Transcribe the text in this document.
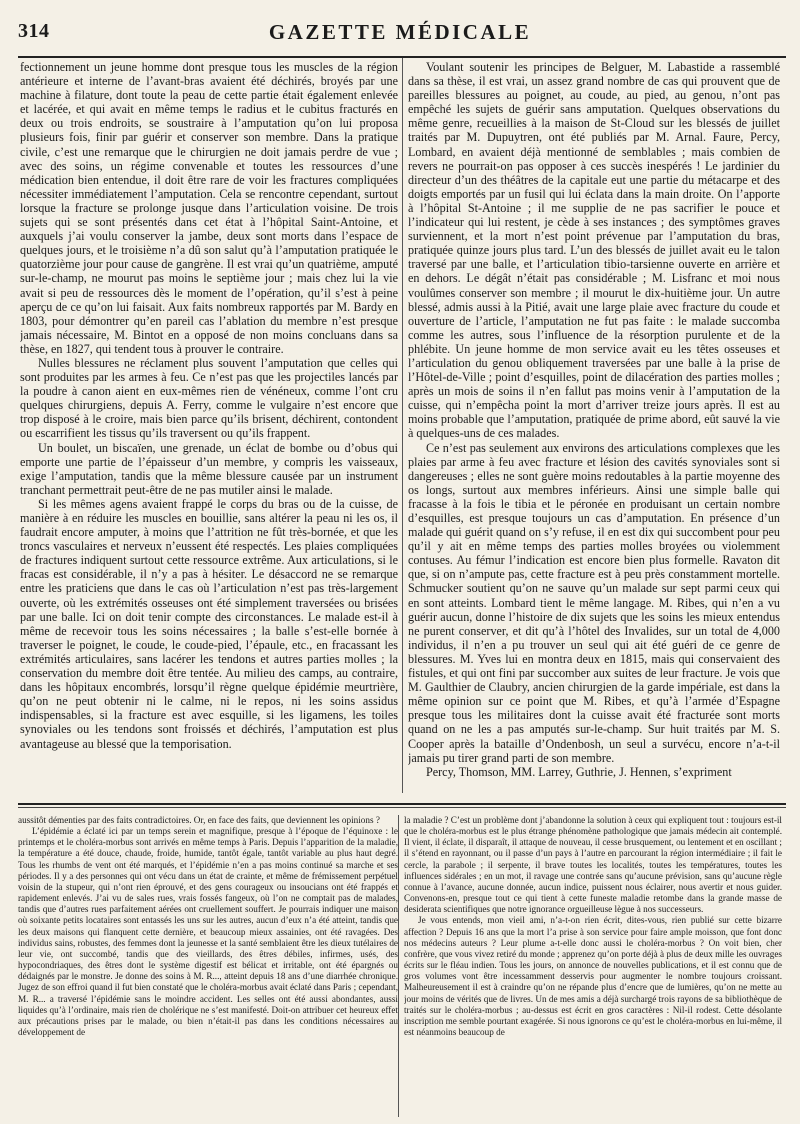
314	GAZETTE MÉDICALE

fectionnement un jeune homme dont presque tous les muscles de la région antérieure et interne de l’avant-bras avaient été déchirés, broyés par une machine à filature, dont toute la peau de cette partie était également enlevée et lacérée, et qui avait en même temps le radius et le cubitus fracturés en deux ou trois endroits, se soustraire à l’amputation qu’on lui proposa plusieurs fois, finir par guérir et conserver son membre. Dans la pratique civile, c’est une remarque que le chirurgien ne doit jamais perdre de vue ; avec des soins, un régime convenable et toutes les ressources d’une médication bien entendue, il doit être rare de voir les fractures compliquées nécessiter immédiatement l’amputation. Cela se rencontre cependant, surtout lorsque la fracture se prolonge jusque dans l’articulation voisine. De trois sujets qui se sont présentés dans cet état à l’hôpital Saint-Antoine, et auxquels j’ai voulu conserver la jambe, deux sont morts dans l’espace de quelques jours, et le troisième n’a dû son salut qu’à l’amputation pratiquée le quatorzième jour pour cause de gangrène. Il est vrai qu’un quatrième, amputé sur-le-champ, ne mourut pas moins le septième jour ; mais chez lui la vie avait si peu de ressources dès le moment de l’opération, qu’il s’est à peine aperçu de ce qu’on lui faisait. Aux faits nombreux rapportés par M. Bardy en 1803, pour démontrer qu’en pareil cas l’ablation du membre n’est presque jamais nécessaire, M. Bintot en a opposé de non moins concluans dans sa thèse, en 1827, qui tendent tous à prouver le contraire.

Nulles blessures ne réclament plus souvent l’amputation que celles qui sont produites par les armes à feu. Ce n’est pas que les projectiles lancés par la poudre à canon aient en eux-mêmes rien de vénéneux, comme l’ont cru quelques chirurgiens, depuis A. Ferry, comme le vulgaire n’est encore que trop disposé à le croire, mais bien parce qu’ils brisent, déchirent, contondent ou escarrifient les tissus qu’ils traversent ou qu’ils frappent.

Un boulet, un biscaïen, une grenade, un éclat de bombe ou d’obus qui emporte une partie de l’épaisseur d’un membre, y compris les vaisseaux, exige l’amputation, tandis que la même blessure causée par un instrument tranchant permettrait peut-être de ne pas mutiler ainsi le malade.

Si les mêmes agens avaient frappé le corps du bras ou de la cuisse, de manière à en réduire les muscles en bouillie, sans altérer la peau ni les os, il faudrait encore amputer, à moins que l’attrition ne fût très-bornée, et que les troncs vasculaires et nerveux n’eussent été respectés. Les plaies compliquées de fractures indiquent surtout cette ressource extrême. Aux articulations, si le fracas est considérable, il n’y a pas à hésiter. Le désaccord ne se remarque entre les praticiens que dans le cas où l’articulation n’est pas très-largement ouverte, où les extrémités osseuses ont été simplement traversées ou brisées par une balle. Ici on doit tenir compte des circonstances. Le malade est-il à même de recevoir tous les soins nécessaires ; la balle s’est-elle bornée à traverser le poignet, le coude, le coude-pied, l’épaule, etc., en fracassant les extrémités articulaires, sans lacérer les tendons et autres parties molles ; la conservation du membre doit être tentée. Au milieu des camps, au contraire, dans les hôpitaux encombrés, lorsqu’il règne quelque épidémie meurtrière, qu’on ne peut obtenir ni le calme, ni le repos, ni les soins assidus indispensables, si la fracture est avec esquille, si les ligamens, les toiles synoviales ou les tendons sont froissés et déchirés, l’amputation est plus avantageuse au blessé que la temporisation.

Voulant soutenir les principes de Belguer, M. Labastide a rassemblé dans sa thèse, il est vrai, un assez grand nombre de cas qui prouvent que de pareilles blessures au poignet, au coude, au pied, au genou, n’ont pas empêché les sujets de guérir sans amputation. Quelques observations du même genre, recueillies à la maison de St-Cloud sur les blessés de juillet traités par M. Dupuytren, ont été publiés par M. Arnal. Faure, Percy, Lombard, en avaient déjà mentionné de semblables ; mais combien de revers ne pourrait-on pas opposer à ces succès inespérés ! Le jardinier du directeur d’un des théâtres de la capitale eut une partie du métacarpe et des doigts emportés par un fusil qui lui éclata dans la main droite. On l’apporte à l’hôpital St-Antoine ; il me supplie de ne pas sacrifier le pouce et l’indicateur qui lui restent, je cède à ses instances ; des symptômes graves surviennent, et la mort n’est point prévenue par l’amputation du bras, pratiquée quinze jours plus tard. L’un des blessés de juillet avait eu le talon traversé par une balle, et l’articulation tibio-tarsienne ouverte en arrière et en dehors. Le dégât n’était pas considérable ; M. Lisfranc et moi nous voulûmes conserver son membre ; il mourut le dix-huitième jour. Un autre blessé, admis aussi à la Pitié, avait une large plaie avec fracture du coude et ouverture de l’article, l’amputation ne fut pas faite : le malade succomba comme les autres, sous l’influence de la résorption purulente et de la phlébite. Un jeune homme de mon service avait eu les têtes osseuses et l’articulation du genou obliquement traversées par une balle à la prise de l’Hôtel-de-Ville ; point d’esquilles, point de dilacération des parties molles ; après un mois de soins il n’en fallut pas moins venir à l’amputation de la cuisse, qui n’empêcha point la mort d’arriver treize jours après. Il est au moins probable que l’amputation, pratiquée de prime abord, eût sauvé la vie à quelques-uns de ces malades.

Ce n’est pas seulement aux environs des articulations complexes que les plaies par arme à feu avec fracture et lésion des cavités synoviales sont si dangereuses ; elles ne sont guère moins redoutables à la partie moyenne des os longs, surtout aux membres inférieurs. Ainsi une simple balle qui fracasse à la fois le tibia et le péronée en produisant un certain nombre d’esquilles, est presque toujours un cas d’amputation. En présence d’un malade qui guérit quand on s’y refuse, il en est dix qui succombent pour peu qu’il y ait en même temps des parties molles broyées ou violemment contuses. Au fémur l’indication est encore bien plus formelle. Ravaton dit que, si on n’ampute pas, cette fracture est à peu près constamment mortelle. Schmucker soutient qu’on ne sauve qu’un malade sur sept parmi ceux qui en sont atteints. Lombard tient le même langage. M. Ribes, qui n’en a vu guérir aucun, donne l’histoire de dix sujets que les soins les mieux entendus ne purent conserver, et dit qu’à l’hôtel des Invalides, sur un total de 4,000 individus, il n’en a pu trouver un seul qui ait été guéri de ce genre de blessures. M. Yves lui en montra deux en 1815, mais qui conservaient des fistules, et qui ont fini par succomber aux suites de leur fracture. Je vois que M. Gaulthier de Claubry, ancien chirurgien de la garde impériale, est dans la même opinion sur ce point que M. Ribes, et qu’à l’armée d’Espagne presque tous les militaires dont la cuisse avait été fracturée sont morts quand on ne les a pas amputés sur-le-champ. Sur huit traités par M. S. Cooper après la bataille d’Ondenbosh, un seul a survécu, encore n’a-t-il jamais pu tirer grand parti de son membre.

Percy, Thomson, MM. Larrey, Guthrie, J. Hennen, s’expriment

aussitôt démenties par des faits contradictoires. Or, en face des faits, que deviennent les opinions ?

L’épidémie a éclaté ici par un temps serein et magnifique, presque à l’époque de l’équinoxe : le printemps et le choléra-morbus sont arrivés en même temps à Paris. Depuis l’apparition de la maladie, la température a été douce, chaude, froide, humide, tantôt égale, tantôt variable au plus haut degré. Tous les rhumbs de vent ont été marqués, et l’épidémie n’en a pas moins continué sa marche et ses périodes. Il y a des personnes qui ont vécu dans un état de crainte, et même de frémissement perpétuel voisin de la stupeur, qui n’ont rien éprouvé, et des gens courageux ou insoucians ont été frappés et rapidement enlevés. J’ai vu de sales rues, vrais fossés fangeux, où l’on ne comptait pas de malades, tandis que d’autres rues parfaitement aérées ont cruellement souffert. Je pourrais indiquer une maison où soixante petits locataires sont entassés les uns sur les autres, aucun d’eux n’a été atteint, tandis que les deux maisons qui flanquent cette dernière, et beaucoup mieux assainies, ont été ravagées. Des individus sains, robustes, des femmes dont la jeunesse et la santé semblaient être les dieux tutélaires de leur vie, ont succombé, tandis que des vieillards, des êtres débiles, infirmes, usés, des hypocondriaques, des êtres dont le système digestif est bélicat et irritable, ont été épargnés ou dédaignés par le monstre. Je donne des soins à M. R..., atteint depuis 18 ans d’une diarrhée chronique. Jugez de son effroi quand il fut bien constaté que le choléra-morbus avait éclaté dans Paris ; cependant, M. R... a traversé l’épidémie sans le moindre accident. Les selles ont été aussi abondantes, aussi liquides qu’à l’ordinaire, mais rien de cholérique ne s’est manifesté. Doit-on attribuer cet heureux effet aux précautions prises par le malade, ou bien n’était-il pas dans les conditions nécessaires au développement de

la maladie ? C’est un problème dont j’abandonne la solution à ceux qui expliquent tout : toujours est-il que le choléra-morbus est le plus étrange phénomène pathologique que jamais médecin ait contemplé. Il vient, il éclate, il disparaît, il attaque de nouveau, il cesse brusquement, ou lentement et en oscillant ; il s’étend en rayonnant, ou il passe d’un pays à l’autre en parcourant la région intermédiaire ; il fait le cercle, la parabole ; il serpente, il brave toutes les localités, toutes les températures, toutes les influences sidérales ; en un mot, il ravage une contrée sans qu’aucune prévision, sans qu’aucune règle connue à l’avance, aucune donnée, aucun indice, puissent nous éclairer, nous avertir et nous guider. Convenons-en, presque tout ce qui tient à cette funeste maladie retombe dans la grande masse de desiderata scientifiques que notre ignorance orgueilleuse lègue à nos successeurs.

Je vous entends, mon vieil ami, n’a-t-on rien écrit, dites-vous, rien publié sur cette bizarre affection ? Depuis 16 ans que la mort l’a prise à son service pour faire ample moisson, que font donc nos médecins auteurs ? Leur plume a-t-elle donc aussi le choléra-morbus ? On voit bien, cher confrère, que vous vivez retiré du monde ; apprenez qu’on porte déjà à plus de deux mille les ouvrages écrits sur le fléau indien. Tous les jours, on annonce de nouvelles publications, et il est connu que de gros volumes vont être incessamment desservis pour augmenter le nombre toujours croissant. Malheureusement il est à craindre qu’on ne répande plus d’encre que de lumières, qu’on ne mette au jour moins de vérités que de livres. Un de mes amis a déjà surchargé trois rayons de sa bibliothèque de traités sur le choléra-morbus ; au-dessus est écrit en gros caractères : Nil-il rodest. Cette désolante inscription me semble pourtant exagérée. Si nous ignorons ce qu’est le choléra-morbus en lui-même, il est néanmoins beaucoup de
